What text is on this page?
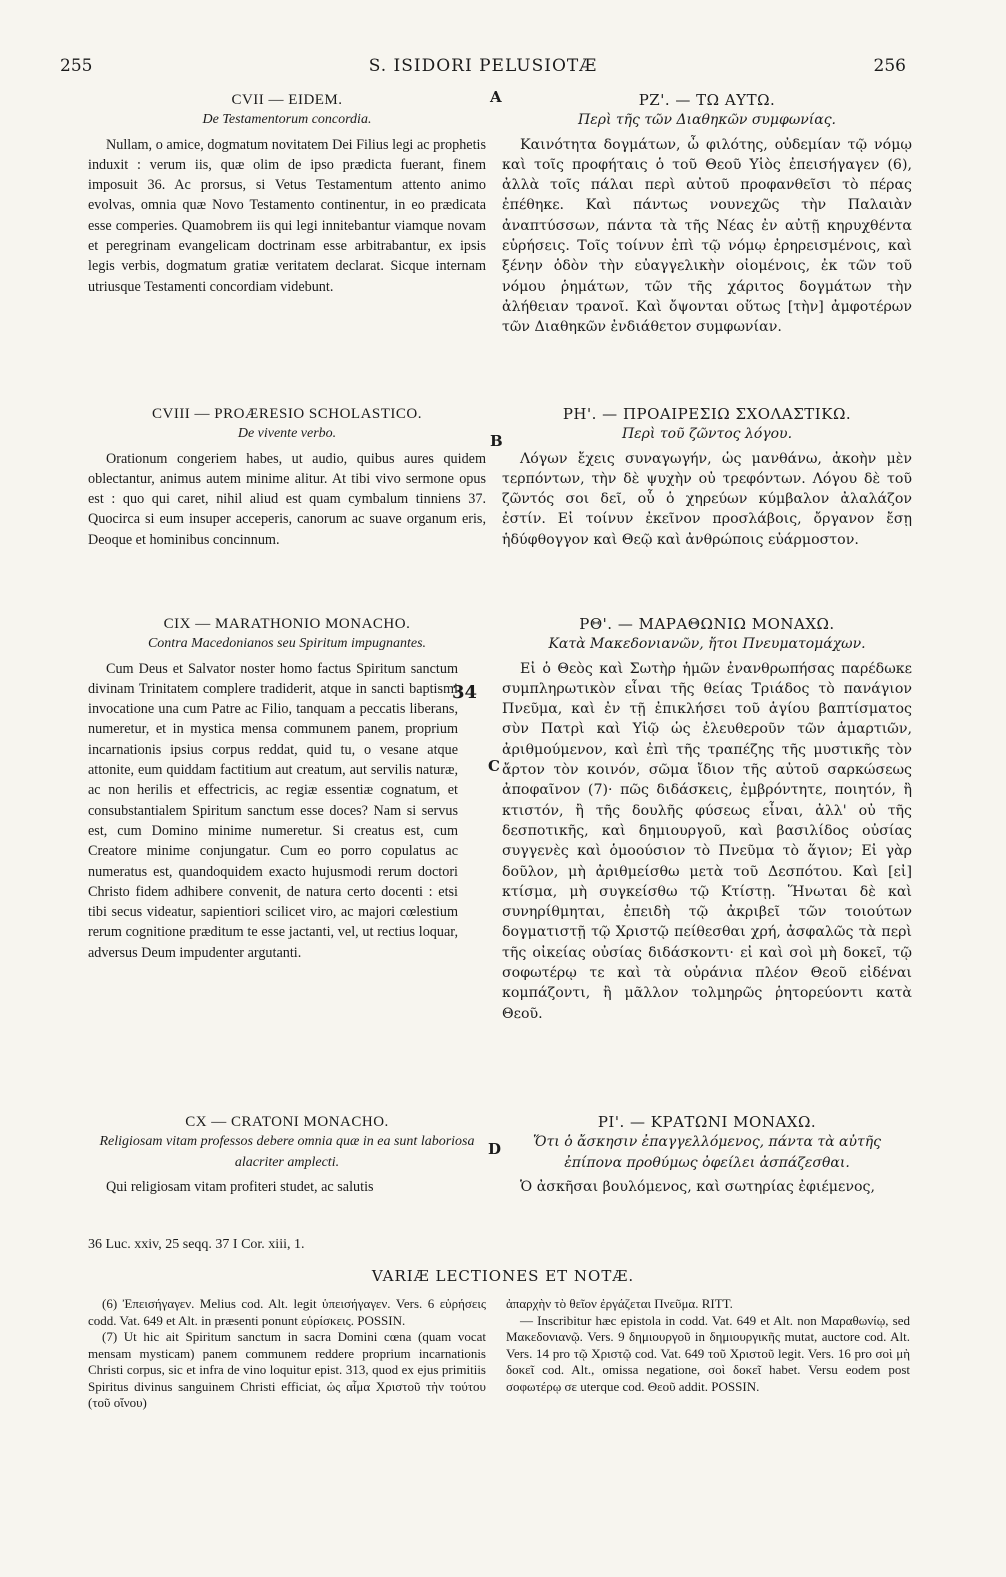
255	S. ISIDORI PELUSIOTÆ	256
A
B
C
D
34
CVII — EIDEM.
De Testamentorum concordia.

Nullam, o amice, dogmatum novitatem Dei Filius legi ac prophetis induxit : verum iis, quæ olim de ipso prædicta fuerant, finem imposuit 36. Ac prorsus, si Vetus Testamentum attento animo evolvas, omnia quæ Novo Testamento continentur, in eo prædicata esse comperies. Quamobrem iis qui legi innitebantur viamque novam et peregrinam evangelicam doctrinam esse arbitrabantur, ex ipsis legis verbis, dogmatum gratiæ veritatem declarat. Sicque internam utriusque Testamenti concordiam videbunt.

CVIII — PROÆRESIO SCHOLASTICO.
De vivente verbo.

Orationum congeriem habes, ut audio, quibus aures quidem oblectantur, animus autem minime alitur. At tibi vivo sermone opus est : quo qui caret, nihil aliud est quam cymbalum tinniens 37. Quocirca si eum insuper acceperis, canorum ac suave organum eris, Deoque et hominibus concinnum.

CIX — MARATHONIO MONACHO.
Contra Macedonianos seu Spiritum impugnantes.

Cum Deus et Salvator noster homo factus Spiritum sanctum divinam Trinitatem complere tradiderit, atque in sancti baptismi invocatione una cum Patre ac Filio, tanquam a peccatis liberans, numeretur, et in mystica mensa communem panem, proprium incarnationis ipsius corpus reddat, quid tu, o vesane atque attonite, eum quiddam factitium aut creatum, aut servilis naturæ, ac non herilis et effectricis, ac regiæ essentiæ cognatum, et consubstantialem Spiritum sanctum esse doces? Nam si servus est, cum Domino minime numeretur. Si creatus est, cum Creatore minime conjungatur. Cum eo porro copulatus ac numeratus est, quandoquidem exacto hujusmodi rerum doctori Christo fidem adhibere convenit, de natura certo docenti : etsi tibi secus videatur, sapientiori scilicet viro, ac majori cœlestium rerum cognitione præditum te esse jactanti, vel, ut rectius loquar, adversus Deum impudenter argutanti.

CX — CRATONI MONACHO.
Religiosam vitam professos debere omnia quæ in ea sunt laboriosa alacriter amplecti.

Qui religiosam vitam profiteri studet, ac salutis

ΡΖ'. — ΤΩ ΑΥΤΩ.
Περὶ τῆς τῶν Διαθηκῶν συμφωνίας.

Καινότητα δογμάτων, ὦ φιλότης, οὐδεμίαν τῷ νόμῳ καὶ τοῖς προφήταις ὁ τοῦ Θεοῦ Υἱὸς ἐπεισήγαγεν (6), ἀλλὰ τοῖς πάλαι περὶ αὐτοῦ προφανθεῖσι τὸ πέρας ἐπέθηκε. Καὶ πάντως νουνεχῶς τὴν Παλαιὰν ἀναπτύσσων, πάντα τὰ τῆς Νέας ἐν αὐτῇ κηρυχθέντα εὑρήσεις. Τοῖς τοίνυν ἐπὶ τῷ νόμῳ ἐρηρεισμένοις, καὶ ξένην ὁδὸν τὴν εὐαγγελικὴν οἰομένοις, ἐκ τῶν τοῦ νόμου ῥημάτων, τῶν τῆς χάριτος δογμάτων τὴν ἀλήθειαν τρανοῖ. Καὶ ὄψονται οὕτως [τὴν] ἀμφοτέρων τῶν Διαθηκῶν ἐνδιάθετον συμφωνίαν.

ΡΗ'. — ΠΡΟΑΙΡΕΣΙΩ ΣΧΟΛΑΣΤΙΚΩ.
Περὶ τοῦ ζῶντος λόγου.

Λόγων ἔχεις συναγωγήν, ὡς μανθάνω, ἀκοὴν μὲν τερπόντων, τὴν δὲ ψυχὴν οὐ τρεφόντων. Λόγου δὲ τοῦ ζῶντός σοι δεῖ, οὗ ὁ χηρεύων κύμβαλον ἀλαλάζον ἐστίν. Εἰ τοίνυν ἐκεῖνον προσλάβοις, ὄργανον ἔσῃ ἡδύφθογγον καὶ Θεῷ καὶ ἀνθρώποις εὐάρμοστον.

ΡΘ'. — ΜΑΡΑΘΩΝΙΩ ΜΟΝΑΧΩ.
Κατὰ Μακεδονιανῶν, ἤτοι Πνευματομάχων.

Εἰ ὁ Θεὸς καὶ Σωτὴρ ἡμῶν ἐνανθρωπήσας παρέδωκε συμπληρωτικὸν εἶναι τῆς θείας Τριάδος τὸ πανάγιον Πνεῦμα, καὶ ἐν τῇ ἐπικλήσει τοῦ ἁγίου βαπτίσματος σὺν Πατρὶ καὶ Υἱῷ ὡς ἐλευθεροῦν τῶν ἁμαρτιῶν, ἀριθμούμενον, καὶ ἐπὶ τῆς τραπέζης τῆς μυστικῆς τὸν ἄρτον τὸν κοινόν, σῶμα ἴδιον τῆς αὐτοῦ σαρκώσεως ἀποφαῖνον (7)· πῶς διδάσκεις, ἐμβρόντητε, ποιητόν, ἢ κτιστόν, ἢ τῆς δουλῆς φύσεως εἶναι, ἀλλ' οὐ τῆς δεσποτικῆς, καὶ δημιουργοῦ, καὶ βασιλίδος οὐσίας συγγενὲς καὶ ὁμοούσιον τὸ Πνεῦμα τὸ ἅγιον; Εἰ γὰρ δοῦλον, μὴ ἀριθμείσθω μετὰ τοῦ Δεσπότου. Καὶ [εἰ] κτίσμα, μὴ συγκείσθω τῷ Κτίστῃ. Ἥνωται δὲ καὶ συνηρίθμηται, ἐπειδὴ τῷ ἀκριβεῖ τῶν τοιούτων δογματιστῇ τῷ Χριστῷ πείθεσθαι χρή, ἀσφαλῶς τὰ περὶ τῆς οἰκείας οὐσίας διδάσκοντι· εἰ καὶ σοὶ μὴ δοκεῖ, τῷ σοφωτέρῳ τε καὶ τὰ οὐράνια πλέον Θεοῦ εἰδέναι κομπάζοντι, ἢ μᾶλλον τολμηρῶς ῥητορεύοντι κατὰ Θεοῦ.

ΡΙ'. — ΚΡΑΤΩΝΙ ΜΟΝΑΧΩ.
Ὅτι ὁ ἄσκησιν ἐπαγγελλόμενος, πάντα τὰ αὐτῆς ἐπίπονα προθύμως ὀφείλει ἀσπάζεσθαι.

Ὁ ἀσκῆσαι βουλόμενος, καὶ σωτηρίας ἐφιέμενος,

36 Luc. xxiv, 25 seqq. 37 I Cor. xiii, 1.
VARIÆ LECTIONES ET NOTÆ.

(6) Ἐπεισήγαγεν. Melius cod. Alt. legit ὑπεισήγαγεν. Vers. 6 εὑρήσεις codd. Vat. 649 et Alt. in præsenti ponunt εὑρίσκεις. POSSIN.

(7) Ut hic ait Spiritum sanctum in sacra Domini cœna (quam vocat mensam mysticam) panem communem reddere proprium incarnationis Christi corpus, sic et infra de vino loquitur epist. 313, quod ex ejus primitiis Spiritus divinus sanguinem Christi efficiat, ὡς αἷμα Χριστοῦ τὴν τούτου (τοῦ οἴνου)

ἀπαρχὴν τὸ θεῖον ἐργάζεται Πνεῦμα. RITT.

— Inscribitur hæc epistola in codd. Vat. 649 et Alt. non Μαραθωνίῳ, sed Μακεδονιανῷ. Vers. 9 δημιουργοῦ in δημιουργικῆς mutat, auctore cod. Alt. Vers. 14 pro τῷ Χριστῷ cod. Vat. 649 τοῦ Χριστοῦ legit. Vers. 16 pro σοὶ μὴ δοκεῖ cod. Alt., omissa negatione, σοὶ δοκεῖ habet. Versu eodem post σοφωτέρῳ σε uterque cod. Θεοῦ addit. POSSIN.
